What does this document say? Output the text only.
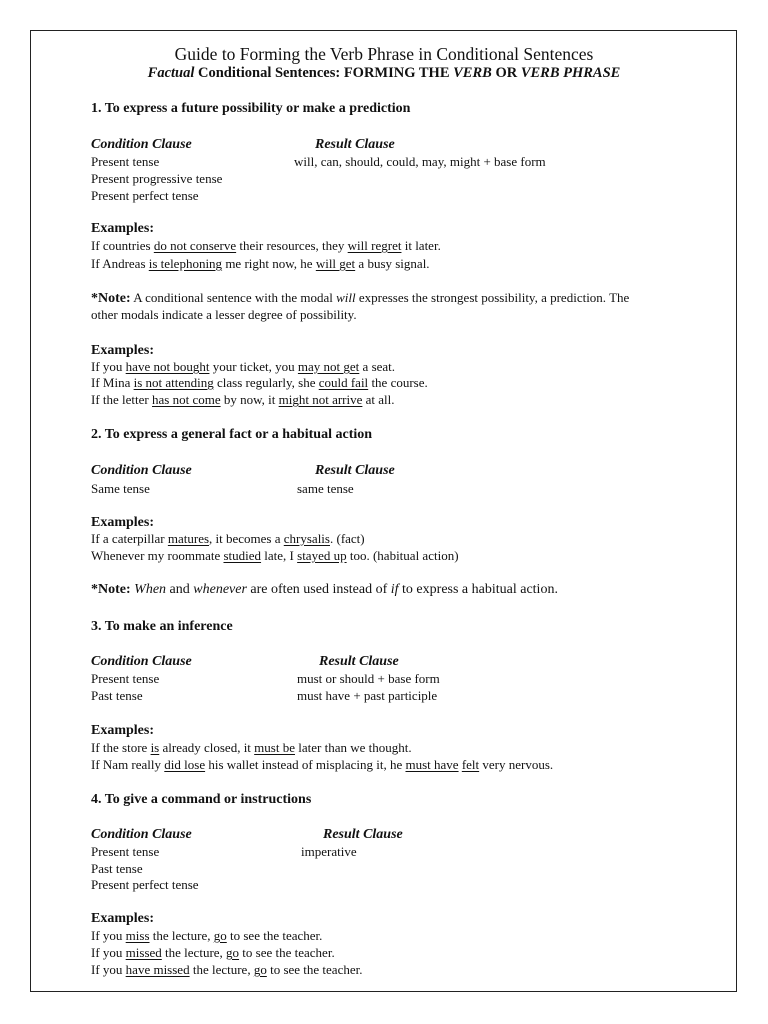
Guide to Forming the Verb Phrase in Conditional Sentences
Factual Conditional Sentences: FORMING THE VERB OR VERB PHRASE
1. To express a future possibility or make a prediction
Condition Clause	Result Clause
Present tense	will, can, should, could, may, might + base form
Present progressive tense
Present perfect tense
Examples:
If countries do not conserve their resources, they will regret it later.
If Andreas is telephoning me right now, he will get a busy signal.
*Note: A conditional sentence with the modal will expresses the strongest possibility, a prediction. The
other modals indicate a lesser degree of possibility.
Examples:
If you have not bought your ticket, you may not get a seat.
If Mina is not attending class regularly, she could fail the course.
If the letter has not come by now, it might not arrive at all.
2. To express a general fact or a habitual action
Condition Clause	Result Clause
Same tense	same tense
Examples:
If a caterpillar matures, it becomes a chrysalis. (fact)
Whenever my roommate studied late, I stayed up too. (habitual action)
*Note: When and whenever are often used instead of if to express a habitual action.
3. To make an inference
Condition Clause	Result Clause
Present tense	must or should + base form
Past tense	must have + past participle
Examples:
If the store is already closed, it must be later than we thought.
If Nam really did lose his wallet instead of misplacing it, he must have felt very nervous.
4. To give a command or instructions
Condition Clause	Result Clause
Present tense	imperative
Past tense
Present perfect tense
Examples:
If you miss the lecture, go to see the teacher.
If you missed the lecture, go to see the teacher.
If you have missed the lecture, go to see the teacher.
